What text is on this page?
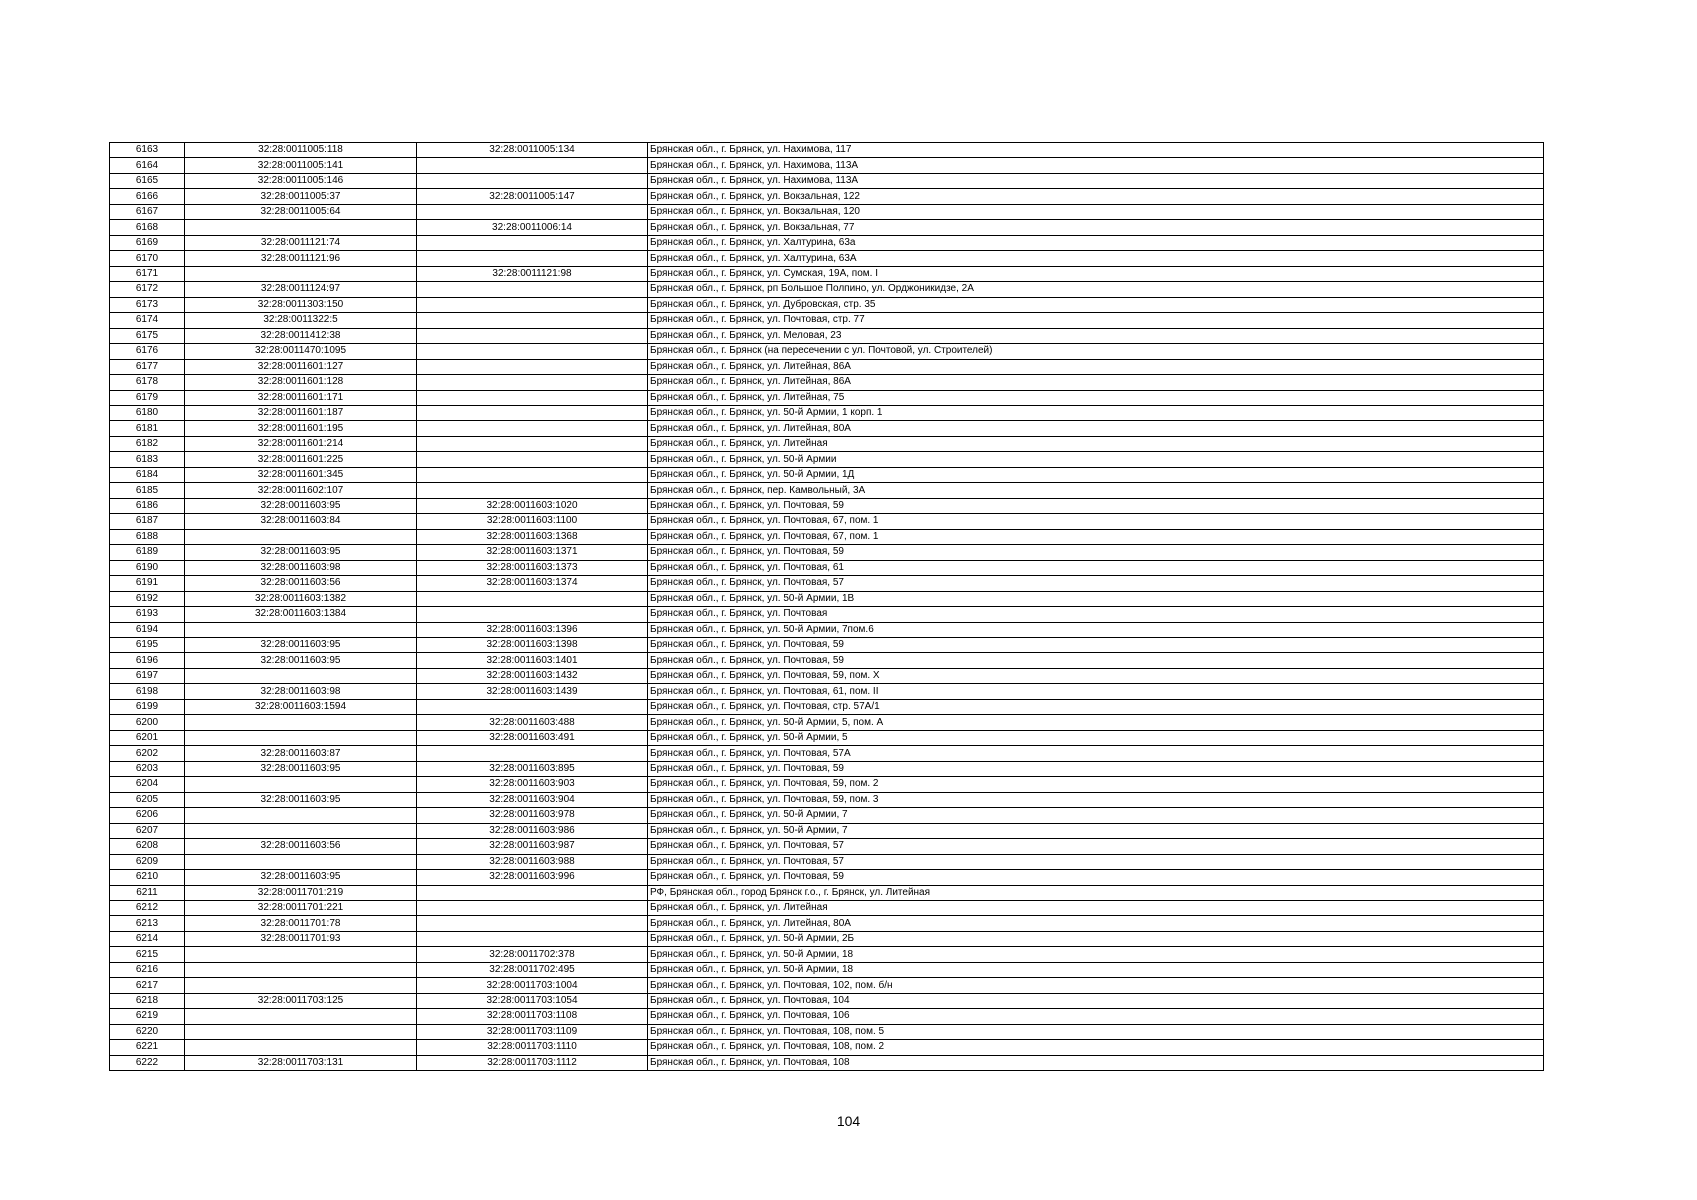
6163	32:28:0011005:118	32:28:0011005:134	Брянская обл., г. Брянск, ул. Нахимова, 117
6164	32:28:0011005:141		Брянская обл., г. Брянск, ул. Нахимова, 113А
6165	32:28:0011005:146		Брянская обл., г. Брянск, ул. Нахимова, 113А
6166	32:28:0011005:37	32:28:0011005:147	Брянская обл., г. Брянск, ул. Вокзальная, 122
6167	32:28:0011005:64		Брянская обл., г. Брянск, ул. Вокзальная, 120
6168		32:28:0011006:14	Брянская обл., г. Брянск, ул. Вокзальная, 77
6169	32:28:0011121:74		Брянская обл., г. Брянск, ул. Халтурина, 63а
6170	32:28:0011121:96		Брянская обл., г. Брянск, ул. Халтурина, 63А
6171		32:28:0011121:98	Брянская обл., г. Брянск, ул. Сумская, 19А, пом. I
6172	32:28:0011124:97		Брянская обл., г. Брянск, рп Большое Полпино, ул. Орджоникидзе, 2А
6173	32:28:0011303:150		Брянская обл., г. Брянск, ул. Дубровская, стр. 35
6174	32:28:0011322:5		Брянская обл., г. Брянск, ул. Почтовая, стр. 77
6175	32:28:0011412:38		Брянская обл., г. Брянск, ул. Меловая, 23
6176	32:28:0011470:1095		Брянская обл., г. Брянск (на пересечении с ул. Почтовой, ул. Строителей)
6177	32:28:0011601:127		Брянская обл., г. Брянск, ул. Литейная, 86А
6178	32:28:0011601:128		Брянская обл., г. Брянск, ул. Литейная, 86А
6179	32:28:0011601:171		Брянская обл., г. Брянск, ул. Литейная, 75
6180	32:28:0011601:187		Брянская обл., г. Брянск, ул. 50-й Армии, 1 корп. 1
6181	32:28:0011601:195		Брянская обл., г. Брянск, ул. Литейная, 80А
6182	32:28:0011601:214		Брянская обл., г. Брянск, ул. Литейная
6183	32:28:0011601:225		Брянская обл., г. Брянск, ул. 50-й Армии
6184	32:28:0011601:345		Брянская обл., г. Брянск, ул. 50-й Армии, 1Д
6185	32:28:0011602:107		Брянская обл., г. Брянск, пер. Камвольный, 3А
6186	32:28:0011603:95	32:28:0011603:1020	Брянская обл., г. Брянск, ул. Почтовая, 59
6187	32:28:0011603:84	32:28:0011603:1100	Брянская обл., г. Брянск, ул. Почтовая, 67, пом. 1
6188		32:28:0011603:1368	Брянская обл., г. Брянск, ул. Почтовая, 67, пом. 1
6189	32:28:0011603:95	32:28:0011603:1371	Брянская обл., г. Брянск, ул. Почтовая, 59
6190	32:28:0011603:98	32:28:0011603:1373	Брянская обл., г. Брянск, ул. Почтовая, 61
6191	32:28:0011603:56	32:28:0011603:1374	Брянская обл., г. Брянск, ул. Почтовая, 57
6192	32:28:0011603:1382		Брянская обл., г. Брянск, ул. 50-й Армии, 1В
6193	32:28:0011603:1384		Брянская обл., г. Брянск, ул. Почтовая
6194		32:28:0011603:1396	Брянская обл., г. Брянск, ул. 50-й Армии, 7пом.6
6195	32:28:0011603:95	32:28:0011603:1398	Брянская обл., г. Брянск, ул. Почтовая, 59
6196	32:28:0011603:95	32:28:0011603:1401	Брянская обл., г. Брянск, ул. Почтовая, 59
6197		32:28:0011603:1432	Брянская обл., г. Брянск, ул. Почтовая, 59, пом. Х
6198	32:28:0011603:98	32:28:0011603:1439	Брянская обл., г. Брянск, ул. Почтовая, 61, пом. II
6199	32:28:0011603:1594		Брянская обл., г. Брянск, ул. Почтовая, стр. 57А/1
6200		32:28:0011603:488	Брянская обл., г. Брянск, ул. 50-й Армии, 5, пом. А
6201		32:28:0011603:491	Брянская обл., г. Брянск, ул. 50-й Армии, 5
6202	32:28:0011603:87		Брянская обл., г. Брянск, ул. Почтовая, 57А
6203	32:28:0011603:95	32:28:0011603:895	Брянская обл., г. Брянск, ул. Почтовая, 59
6204		32:28:0011603:903	Брянская обл., г. Брянск, ул. Почтовая, 59, пом. 2
6205	32:28:0011603:95	32:28:0011603:904	Брянская обл., г. Брянск, ул. Почтовая, 59, пом. 3
6206		32:28:0011603:978	Брянская обл., г. Брянск, ул. 50-й Армии, 7
6207		32:28:0011603:986	Брянская обл., г. Брянск, ул. 50-й Армии, 7
6208	32:28:0011603:56	32:28:0011603:987	Брянская обл., г. Брянск, ул. Почтовая, 57
6209		32:28:0011603:988	Брянская обл., г. Брянск, ул. Почтовая, 57
6210	32:28:0011603:95	32:28:0011603:996	Брянская обл., г. Брянск, ул. Почтовая, 59
6211	32:28:0011701:219		РФ, Брянская обл., город Брянск г.о., г. Брянск, ул. Литейная
6212	32:28:0011701:221		Брянская обл., г. Брянск, ул. Литейная
6213	32:28:0011701:78		Брянская обл., г. Брянск, ул. Литейная, 80А
6214	32:28:0011701:93		Брянская обл., г. Брянск, ул. 50-й Армии, 2Б
6215		32:28:0011702:378	Брянская обл., г. Брянск, ул. 50-й Армии, 18
6216		32:28:0011702:495	Брянская обл., г. Брянск, ул. 50-й Армии, 18
6217		32:28:0011703:1004	Брянская обл., г. Брянск, ул. Почтовая, 102, пом. б/н
6218	32:28:0011703:125	32:28:0011703:1054	Брянская обл., г. Брянск, ул. Почтовая, 104
6219		32:28:0011703:1108	Брянская обл., г. Брянск, ул. Почтовая, 106
6220		32:28:0011703:1109	Брянская обл., г. Брянск, ул. Почтовая, 108, пом. 5
6221		32:28:0011703:1110	Брянская обл., г. Брянск, ул. Почтовая, 108, пом. 2
6222	32:28:0011703:131	32:28:0011703:1112	Брянская обл., г. Брянск, ул. Почтовая, 108
104
